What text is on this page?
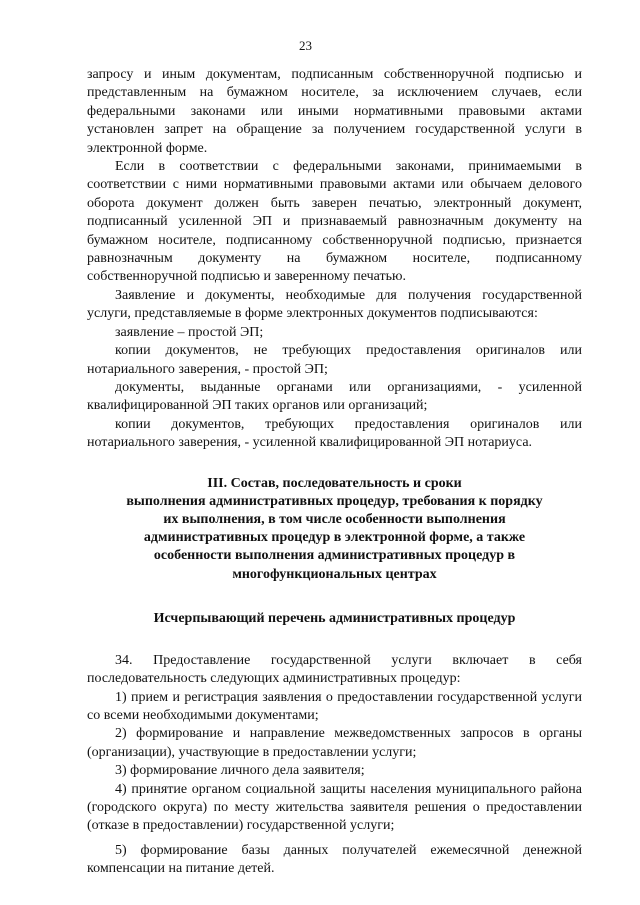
23

запросу и иным документам, подписанным собственноручной подписью и представленным на бумажном носителе, за исключением случаев, если федеральными законами или иными нормативными правовыми актами установлен запрет на обращение за получением государственной услуги в электронной форме.

Если в соответствии с федеральными законами, принимаемыми в соответствии с ними нормативными правовыми актами или обычаем делового оборота документ должен быть заверен печатью, электронный документ, подписанный усиленной ЭП и признаваемый равнозначным документу на бумажном носителе, подписанному собственноручной подписью, признается равнозначным документу на бумажном носителе, подписанному собственноручной подписью и заверенному печатью.

Заявление и документы, необходимые для получения государственной услуги, представляемые в форме электронных документов подписываются:

заявление – простой ЭП;

копии документов, не требующих предоставления оригиналов или нотариального заверения, - простой ЭП;

документы, выданные органами или организациями, - усиленной квалифицированной ЭП таких органов или организаций;

копии документов, требующих предоставления оригиналов или нотариального заверения, - усиленной квалифицированной ЭП нотариуса.

III. Состав, последовательность и сроки
выполнения административных процедур, требования к порядку
их выполнения, в том числе особенности выполнения
административных процедур в электронной форме, а также
особенности выполнения административных процедур в
многофункциональных центрах
Исчерпывающий перечень административных процедур

34. Предоставление государственной услуги включает в себя последовательность следующих административных процедур:

1) прием и регистрация заявления о предоставлении государственной услуги со всеми необходимыми документами;

2) формирование и направление межведомственных запросов в органы (организации), участвующие в предоставлении услуги;

3) формирование личного дела заявителя;

4) принятие органом социальной защиты населения муниципального района (городского округа) по месту жительства заявителя решения о предоставлении (отказе в предоставлении) государственной услуги;

5) формирование базы данных получателей ежемесячной денежной компенсации на питание детей.
